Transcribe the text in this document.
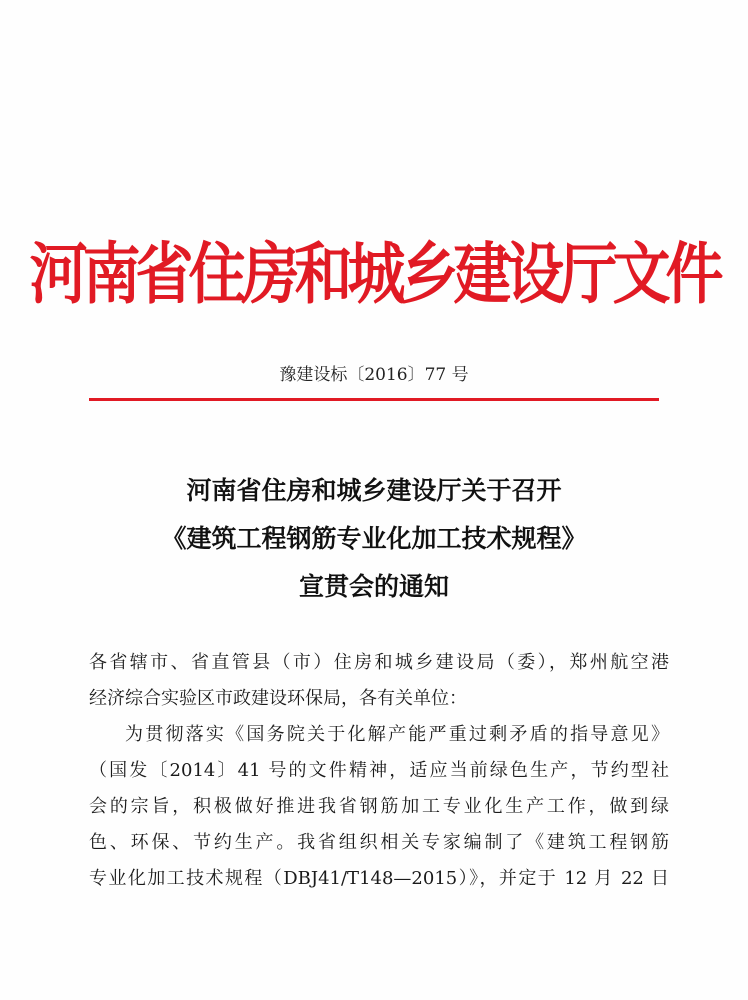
河南省住房和城乡建设厅文件
豫建设标〔2016〕77 号
河南省住房和城乡建设厅关于召开
《建筑工程钢筋专业化加工技术规程》
宣贯会的通知
各省辖市、省直管县（市）住房和城乡建设局（委），郑州航空港
经济综合实验区市政建设环保局，各有关单位：
为贯彻落实《国务院关于化解产能严重过剩矛盾的指导意见》
（国发〔2014〕41 号的文件精神，适应当前绿色生产，节约型社
会的宗旨，积极做好推进我省钢筋加工专业化生产工作，做到绿
色、环保、节约生产。我省组织相关专家编制了《建筑工程钢筋
专业化加工技术规程（DBJ41/T148—2015）》，并定于 12 月 22 日
